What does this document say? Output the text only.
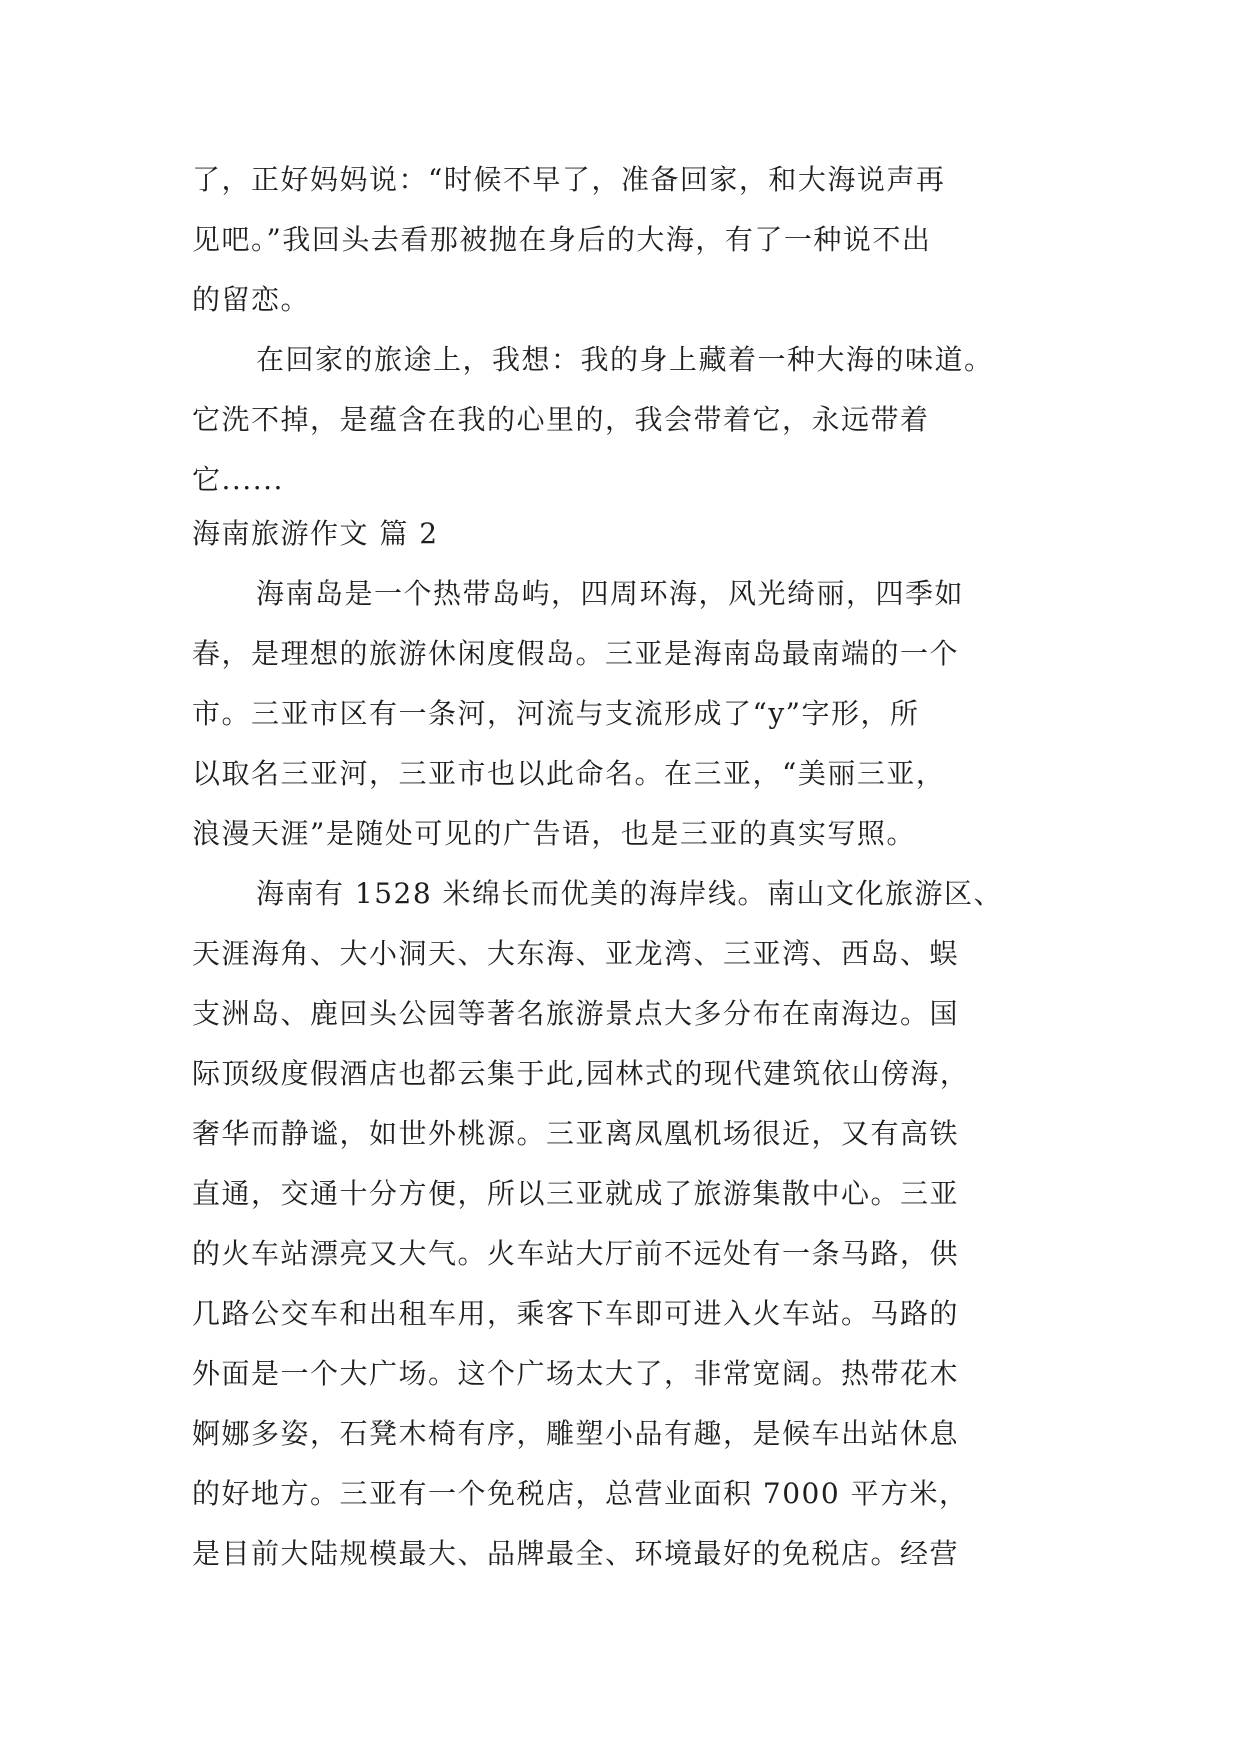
了，正好妈妈说：“时候不早了，准备回家，和大海说声再
见吧。”我回头去看那被抛在身后的大海，有了一种说不出
的留恋。
在回家的旅途上，我想：我的身上藏着一种大海的味道。
它洗不掉，是蕴含在我的心里的，我会带着它，永远带着
它......
海南旅游作文 篇 2
海南岛是一个热带岛屿，四周环海，风光绮丽，四季如
春，是理想的旅游休闲度假岛。三亚是海南岛最南端的一个
市。三亚市区有一条河，河流与支流形成了“y”字形，所
以取名三亚河，三亚市也以此命名。在三亚，“美丽三亚，
浪漫天涯”是随处可见的广告语，也是三亚的真实写照。
海南有 1528 米绵长而优美的海岸线。南山文化旅游区、
天涯海角、大小洞天、大东海、亚龙湾、三亚湾、西岛、蜈
支洲岛、鹿回头公园等著名旅游景点大多分布在南海边。国
际顶级度假酒店也都云集于此,园林式的现代建筑依山傍海，
奢华而静谧，如世外桃源。三亚离凤凰机场很近，又有高铁
直通，交通十分方便，所以三亚就成了旅游集散中心。三亚
的火车站漂亮又大气。火车站大厅前不远处有一条马路，供
几路公交车和出租车用，乘客下车即可进入火车站。马路的
外面是一个大广场。这个广场太大了，非常宽阔。热带花木
婀娜多姿，石凳木椅有序，雕塑小品有趣，是候车出站休息
的好地方。三亚有一个免税店，总营业面积 7000 平方米，
是目前大陆规模最大、品牌最全、环境最好的免税店。经营
